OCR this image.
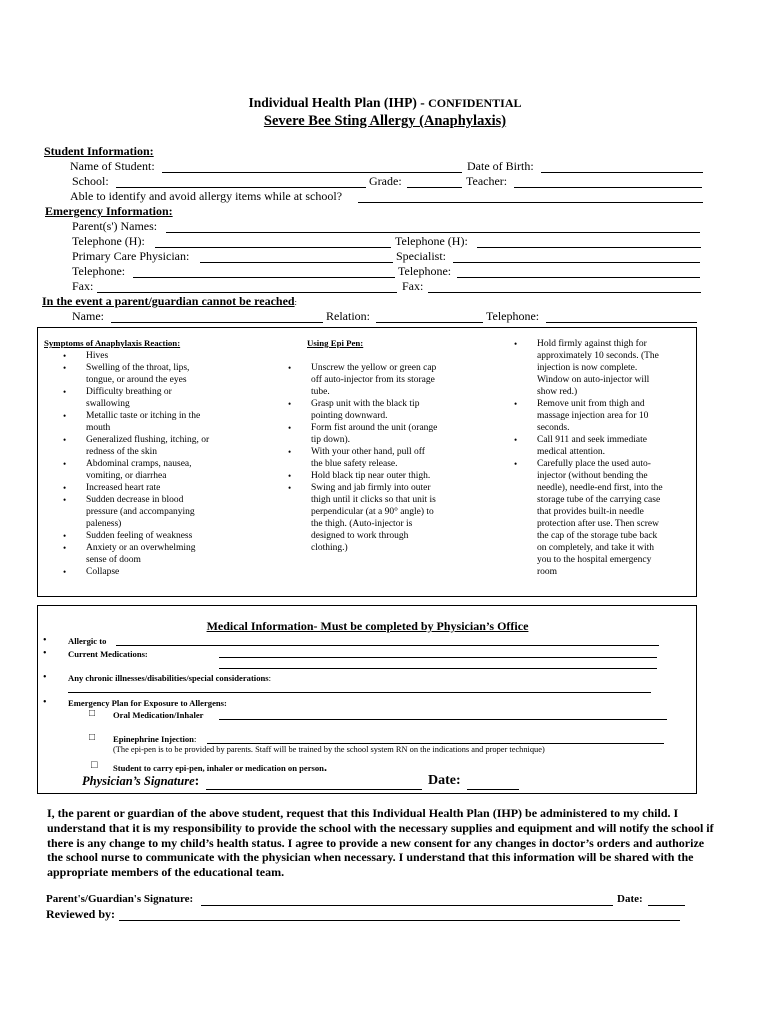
Individual Health Plan (IHP) - CONFIDENTIAL
Severe Bee Sting Allergy (Anaphylaxis)
Student Information:
Name of Student:	Date of Birth:
School:	Grade:	Teacher:
Able to identify and avoid allergy items while at school?
Emergency Information:
Parent(s') Names:
Telephone (H):	Telephone (H):
Primary Care Physician:	Specialist:
Telephone:	Telephone:
Fax:	Fax:
In the event a parent/guardian cannot be reached:
Name:	Relation:	Telephone:
Symptoms of Anaphylaxis Reaction:
• Hives
• Swelling of the throat, lips, tongue, or around the eyes
• Difficulty breathing or swallowing
• Metallic taste or itching in the mouth
• Generalized flushing, itching, or redness of the skin
• Abdominal cramps, nausea, vomiting, or diarrhea
• Increased heart rate
• Sudden decrease in blood pressure (and accompanying paleness)
• Sudden feeling of weakness
• Anxiety or an overwhelming sense of doom
• Collapse
Using Epi Pen:
• Unscrew the yellow or green cap off auto-injector from its storage tube.
• Grasp unit with the black tip pointing downward.
• Form fist around the unit (orange tip down).
• With your other hand, pull off the blue safety release.
• Hold black tip near outer thigh.
• Swing and jab firmly into outer thigh until it clicks so that unit is perpendicular (at a 90° angle) to the thigh. (Auto-injector is designed to work through clothing.)
• Hold firmly against thigh for approximately 10 seconds. (The injection is now complete. Window on auto-injector will show red.)
• Remove unit from thigh and massage injection area for 10 seconds.
• Call 911 and seek immediate medical attention.
• Carefully place the used auto-injector (without bending the needle), needle-end first, into the storage tube of the carrying case that provides built-in needle protection after use. Then screw the cap of the storage tube back on completely, and take it with you to the hospital emergency room
Medical Information- Must be completed by Physician’s Office
• Allergic to
• Current Medications:
• Any chronic illnesses/disabilities/special considerations:
• Emergency Plan for Exposure to Allergens:
□ Oral Medication/Inhaler
□ Epinephrine Injection:
(The epi-pen is to be provided by parents. Staff will be trained by the school system RN on the indications and proper technique)
□ Student to carry epi-pen, inhaler or medication on person.
Physician’s Signature:	Date:
I, the parent or guardian of the above student, request that this Individual Health Plan (IHP) be administered to my child. I understand that it is my responsibility to provide the school with the necessary supplies and equipment and will notify the school if there is any change to my child’s health status. I agree to provide a new consent for any changes in doctor’s orders and authorize the school nurse to communicate with the physician when necessary. I understand that this information will be shared with the appropriate members of the educational team.
Parent's/Guardian's Signature:	Date:
Reviewed by:
